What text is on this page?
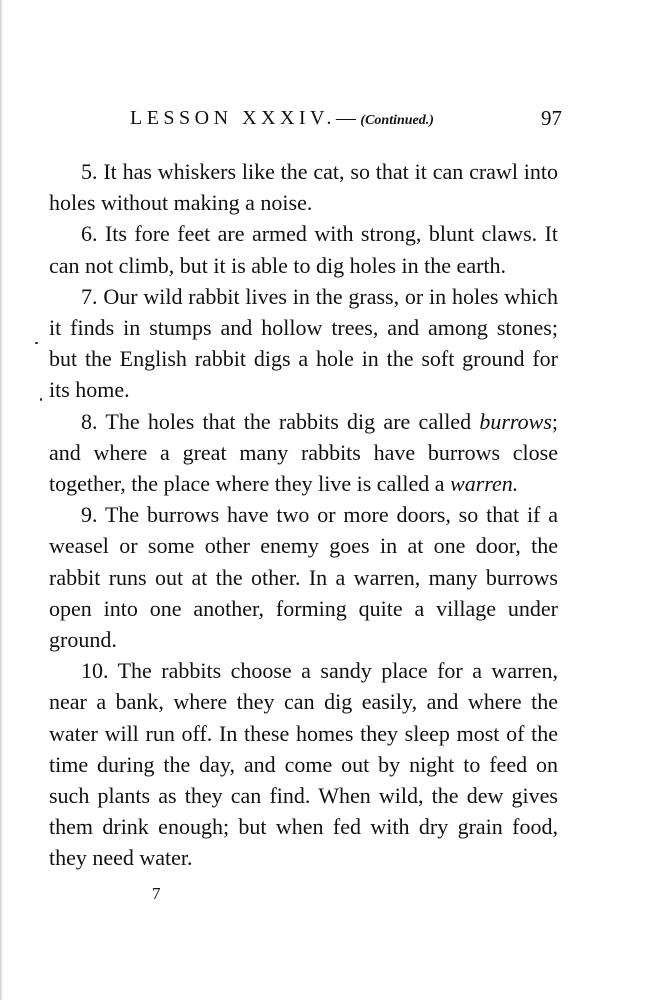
LESSON XXXIV.—(Continued.)	97

5. It has whiskers like the cat, so that it can crawl into holes without making a noise.

6. Its fore feet are armed with strong, blunt claws. It can not climb, but it is able to dig holes in the earth.

7. Our wild rabbit lives in the grass, or in holes which it finds in stumps and hollow trees, and among stones; but the English rabbit digs a hole in the soft ground for its home.

8. The holes that the rabbits dig are called burrows; and where a great many rabbits have burrows close together, the place where they live is called a warren.

9. The burrows have two or more doors, so that if a weasel or some other enemy goes in at one door, the rabbit runs out at the other. In a warren, many burrows open into one another, forming quite a village under ground.

10. The rabbits choose a sandy place for a warren, near a bank, where they can dig easily, and where the water will run off. In these homes they sleep most of the time during the day, and come out by night to feed on such plants as they can find. When wild, the dew gives them drink enough; but when fed with dry grain food, they need water.

7
